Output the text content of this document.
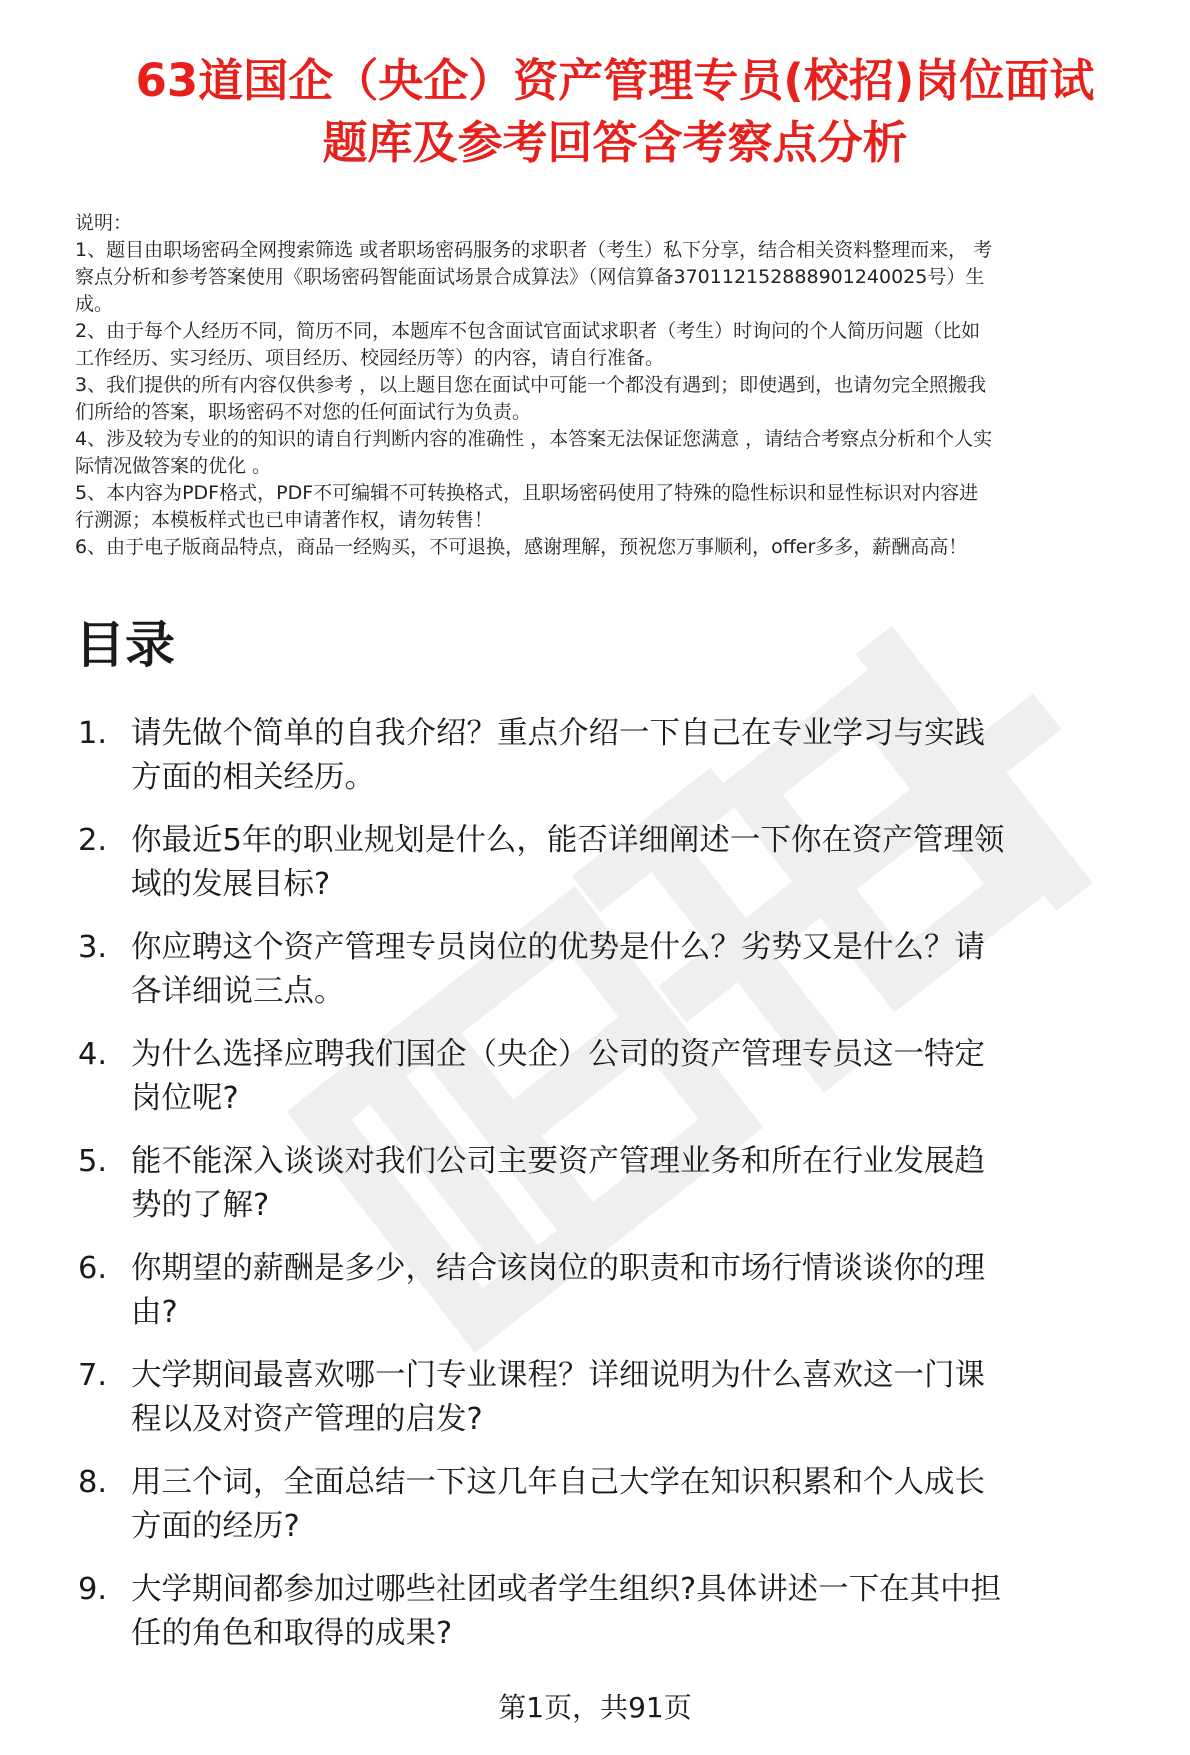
63道国企（央企）资产管理专员(校招)岗位面试
题库及参考回答含考察点分析
说明：
1、题目由职场密码全网搜索筛选 或者职场密码服务的求职者（考生）私下分享，结合相关资料整理而来， 考
察点分析和参考答案使用《职场密码智能面试场景合成算法》（网信算备370112152888901240025号）生
成。
2、由于每个人经历不同，简历不同，本题库不包含面试官面试求职者（考生）时询问的个人简历问题（比如
工作经历、实习经历、项目经历、校园经历等）的内容，请自行准备。
3、我们提供的所有内容仅供参考 ，以上题目您在面试中可能一个都没有遇到；即使遇到，也请勿完全照搬我
们所给的答案，职场密码不对您的任何面试行为负责。
4、涉及较为专业的的知识的请自行判断内容的准确性 ，本答案无法保证您满意 ，请结合考察点分析和个人实
际情况做答案的优化 。
5、本内容为PDF格式，PDF不可编辑不可转换格式，且职场密码使用了特殊的隐性标识和显性标识对内容进
行溯源；本模板样式也已申请著作权，请勿转售！
6、由于电子版商品特点，商品一经购买，不可退换，感谢理解，预祝您万事顺利，offer多多，薪酬高高！
目录
1. 请先做个简单的自我介绍？重点介绍一下自己在专业学习与实践
方面的相关经历。
2. 你最近5年的职业规划是什么，能否详细阐述一下你在资产管理领
域的发展目标?
3. 你应聘这个资产管理专员岗位的优势是什么？劣势又是什么？请
各详细说三点。
4. 为什么选择应聘我们国企（央企）公司的资产管理专员这一特定
岗位呢?
5. 能不能深入谈谈对我们公司主要资产管理业务和所在行业发展趋
势的了解?
6. 你期望的薪酬是多少，结合该岗位的职责和市场行情谈谈你的理
由?
7. 大学期间最喜欢哪一门专业课程？详细说明为什么喜欢这一门课
程以及对资产管理的启发?
8. 用三个词，全面总结一下这几年自己大学在知识积累和个人成长
方面的经历?
9. 大学期间都参加过哪些社团或者学生组织?具体讲述一下在其中担
任的角色和取得的成果?
第1页，共91页
